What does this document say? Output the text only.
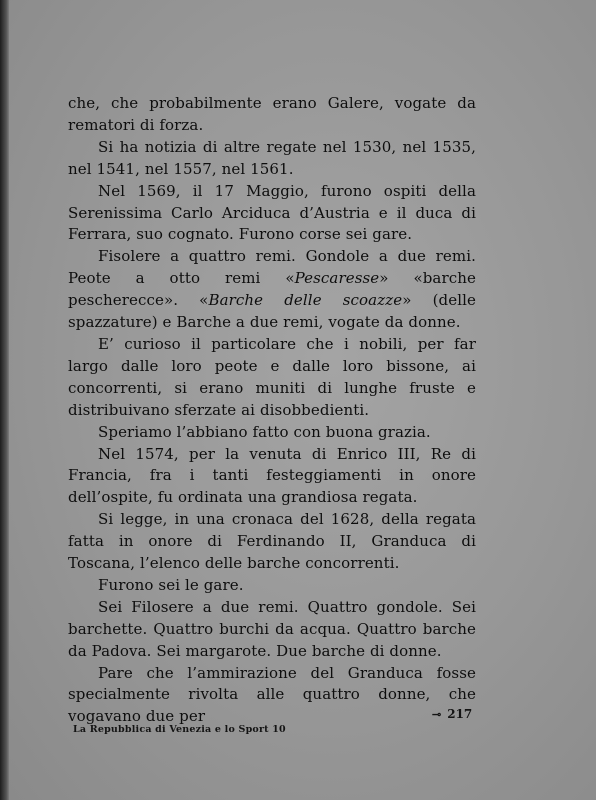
che, che probabilmente erano Galere, vogate da rematori di forza.

Si ha notizia di altre regate nel 1530, nel 1535, nel 1541, nel 1557, nel 1561.

Nel 1569, il 17 Maggio, furono ospiti della Serenissima Carlo Arciduca d’Austria e il duca di Ferrara, suo cognato. Furono corse sei gare.

Fisolere a quattro remi. Gondole a due remi. Peote a otto remi «Pescaresse» «barche pescherecce». «Barche delle scoazze» (delle spazzature) e Barche a due remi, vogate da donne.

E’ curioso il particolare che i nobili, per far largo dalle loro peote e dalle loro bissone, ai concorrenti, si erano muniti di lunghe fruste e distribuivano sferzate ai disobbedienti.

Speriamo l’abbiano fatto con buona grazia.

Nel 1574, per la venuta di Enrico III, Re di Francia, fra i tanti festeggiamenti in onore dell’ospite, fu ordinata una grandiosa regata.

Si legge, in una cronaca del 1628, della regata fatta in onore di Ferdinando II, Granduca di Toscana, l’elenco delle barche concorrenti.

Furono sei le gare.

Sei Filosere a due remi. Quattro gondole. Sei barchette. Quattro burchi da acqua. Quattro barche da Padova. Sei margarote. Due barche di donne.

Pare che l’ammirazione del Granduca fosse specialmente rivolta alle quattro donne, che vogavano due per

La Repubblica di Venezia e lo Sport 10
⊸ 217
